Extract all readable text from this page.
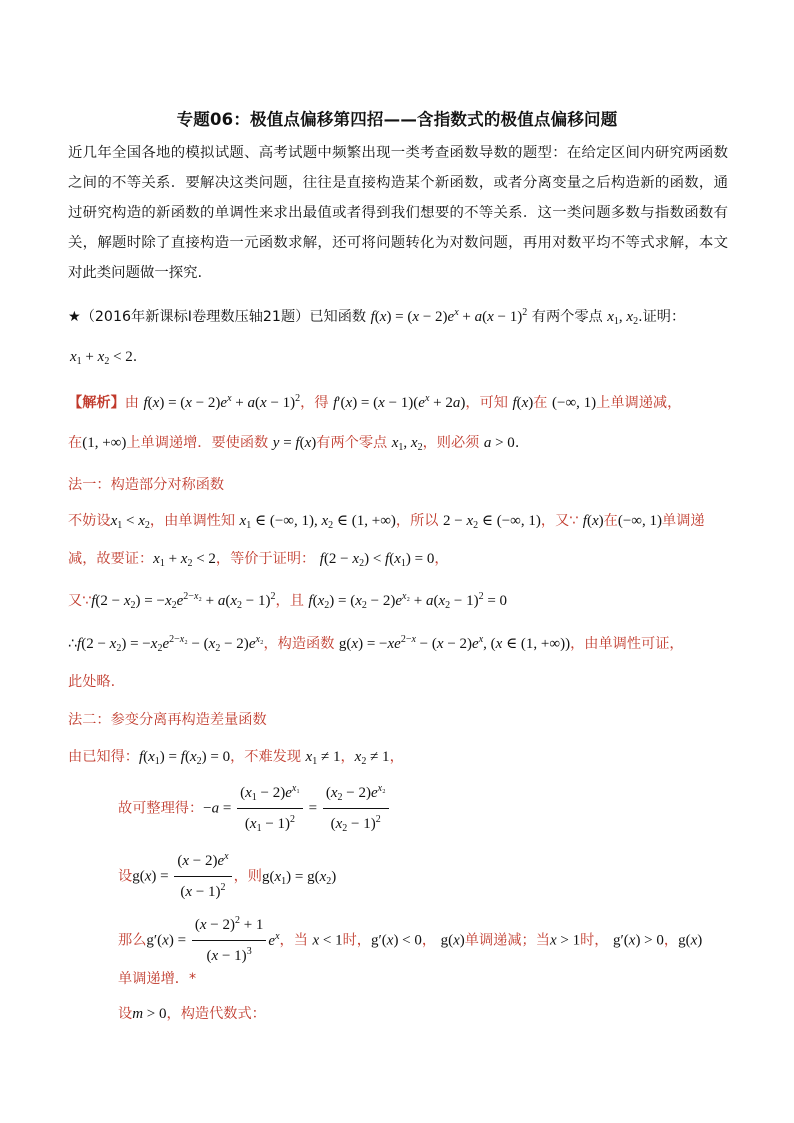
专题06：极值点偏移第四招——含指数式的极值点偏移问题
近几年全国各地的模拟试题、高考试题中频繁出现一类考查函数导数的题型：在给定区间内研究两函数之间的不等关系．要解决这类问题，往往是直接构造某个新函数，或者分离变量之后构造新的函数，通过研究构造的新函数的单调性来求出最值或者得到我们想要的不等关系．这一类问题多数与指数函数有关，解题时除了直接构造一元函数求解，还可将问题转化为对数问题，再用对数平均不等式求解，本文对此类问题做一探究.
★（2016年新课标I卷理数压轴21题）已知函数 $f(x) = (x - 2)e^x + a(x - 1)^2$ 有两个零点 $x_1$, $x_2$.证明：
$x_1 + x_2 < 2$.
【解析】由 $f(x) = (x - 2)e^x + a(x - 1)^2$，得 $f'(x) = (x - 1)(e^x + 2a)$，可知 f(x)在 (−∞, 1)上单调递减，
在(1, +∞)上单调递增．要使函数 y = f(x)有两个零点 $x_1$, $x_2$，则必须 a > 0.
法一：构造部分对称函数
不妨设$x_1 < x_2$，由单调性知 $x_1$ ∈ (−∞, 1), $x_2$ ∈ (1, +∞)，所以 $2 - x_2$ ∈ (−∞, 1)，又∵ f(x)在(−∞, 1)单调递
减，故要证：$x_1 + x_2 < 2$，等价于证明： $f(2 - x_2) < f(x_1) = 0$，
又∵f(2 − $x_2) = -x_2e^{2-x_2} + a(x_2 - 1)^2$，且 $f(x_2) = (x_2 - 2)e^{x_2} + a(x_2 - 1)^2 = 0$
∴f(2 − $x_2) = -x_2e^{2-x_2} - (x_2 - 2)e^{x_2}$，构造函数 $g(x) = -xe^{2-x} - (x - 2)e^x$, (x ∈ (1, +∞))，由单调性可证，
此处略.
法二：参变分离再构造差量函数
由已知得：$f(x_1) = f(x_2) = 0$，不难发现 $x_1 \ne 1$，$x_2 \ne 1$，
故可整理得：$-a = \frac{(x_1 - 2)e^{x_1}}{(x_1 - 1)^2} = \frac{(x_2 - 2)e^{x_2}}{(x_2 - 1)^2}$
设$g(x) = \frac{(x - 2)e^x}{(x - 1)^2}$ ，则$g(x_1) = g(x_2)$
那么$g'(x) = \frac{(x - 2)^2 + 1}{(x - 1)^3} e^x$，当 x < 1时，g′(x) < 0， g(x)单调递减；当x > 1时， g′(x) > 0，g(x)
单调递增．*
设m > 0，构造代数式：
